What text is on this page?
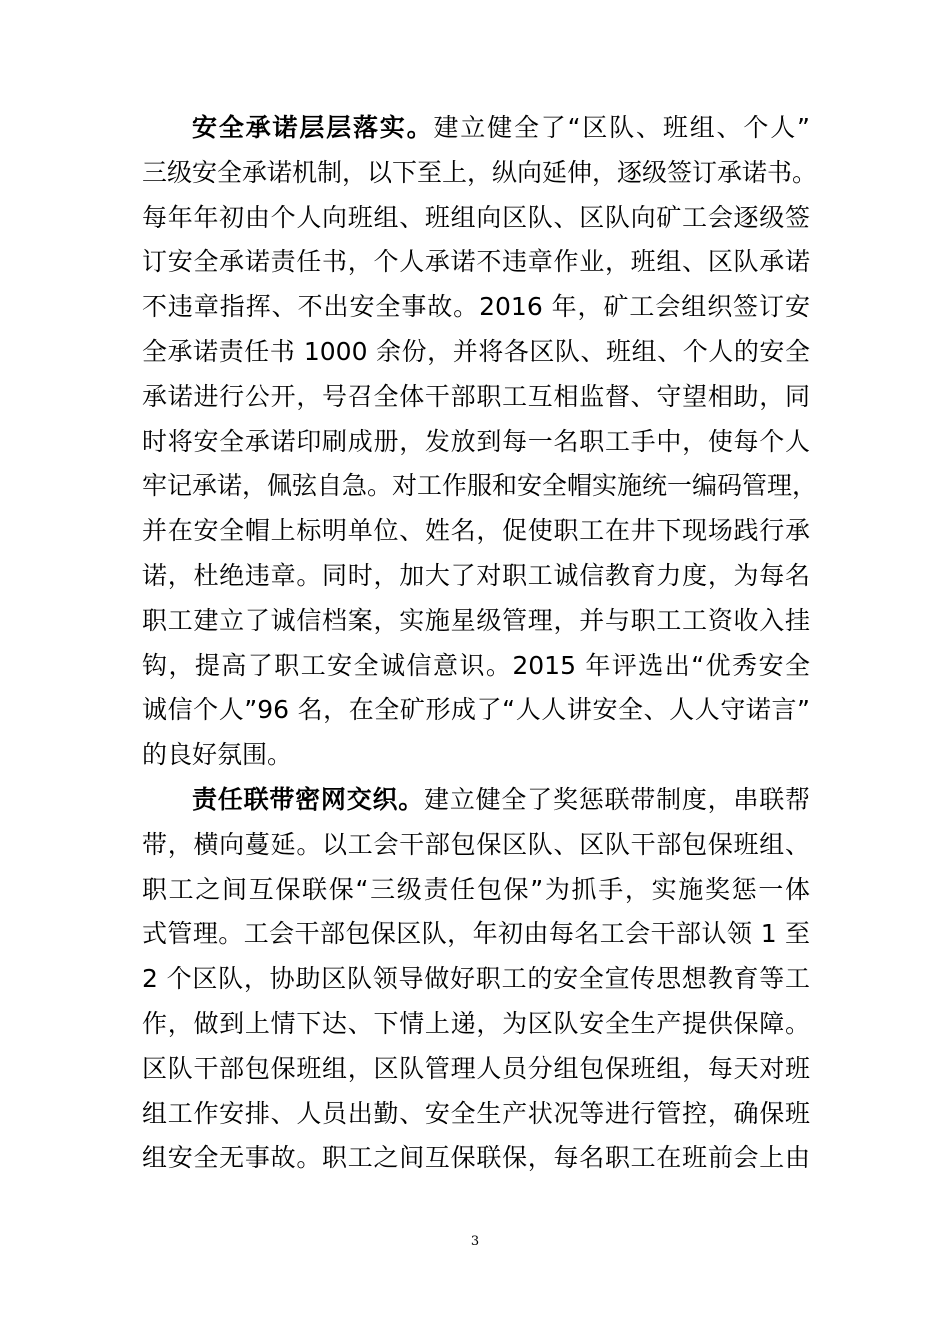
安全承诺层层落实。建立健全了“区队、班组、个人”
三级安全承诺机制，以下至上，纵向延伸，逐级签订承诺书。
每年年初由个人向班组、班组向区队、区队向矿工会逐级签
订安全承诺责任书，个人承诺不违章作业，班组、区队承诺
不违章指挥、不出安全事故。2016 年，矿工会组织签订安
全承诺责任书 1000 余份，并将各区队、班组、个人的安全
承诺进行公开，号召全体干部职工互相监督、守望相助，同
时将安全承诺印刷成册，发放到每一名职工手中，使每个人
牢记承诺，佩弦自急。对工作服和安全帽实施统一编码管理，
并在安全帽上标明单位、姓名，促使职工在井下现场践行承
诺，杜绝违章。同时，加大了对职工诚信教育力度，为每名
职工建立了诚信档案，实施星级管理，并与职工工资收入挂
钩，提高了职工安全诚信意识。2015 年评选出“优秀安全
诚信个人”96 名，在全矿形成了“人人讲安全、人人守诺言”
的良好氛围。
责任联带密网交织。建立健全了奖惩联带制度，串联帮
带，横向蔓延。以工会干部包保区队、区队干部包保班组、
职工之间互保联保“三级责任包保”为抓手，实施奖惩一体
式管理。工会干部包保区队，年初由每名工会干部认领 1 至
2 个区队，协助区队领导做好职工的安全宣传思想教育等工
作，做到上情下达、下情上递，为区队安全生产提供保障。
区队干部包保班组，区队管理人员分组包保班组，每天对班
组工作安排、人员出勤、安全生产状况等进行管控，确保班
组安全无事故。职工之间互保联保，每名职工在班前会上由
3
